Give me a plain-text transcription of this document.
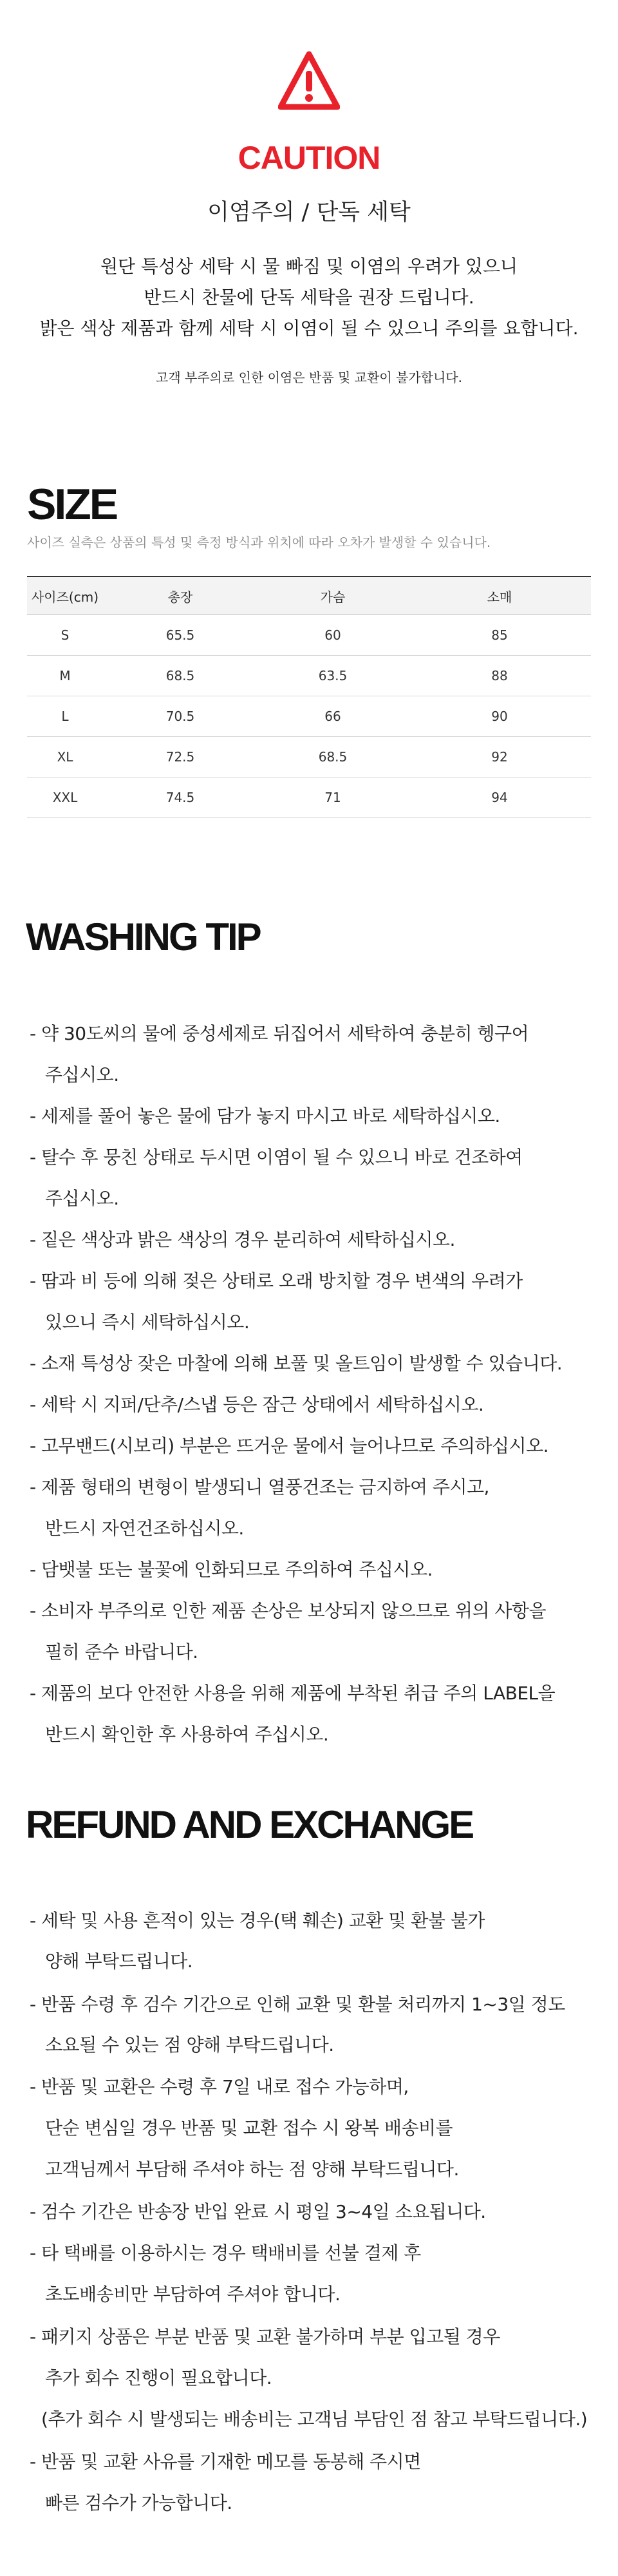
CAUTION
이염주의 / 단독 세탁
원단 특성상 세탁 시 물 빠짐 및 이염의 우려가 있으니
반드시 찬물에 단독 세탁을 권장 드립니다.
밝은 색상 제품과 함께 세탁 시 이염이 될 수 있으니 주의를 요합니다.
고객 부주의로 인한 이염은 반품 및 교환이 불가합니다.
SIZE
사이즈 실측은 상품의 특성 및 측정 방식과 위치에 따라 오차가 발생할 수 있습니다.
사이즈(cm)	총장	가슴	소매
S	65.5	60	85
M	68.5	63.5	88
L	70.5	66	90
XL	72.5	68.5	92
XXL	74.5	71	94
WASHING TIP
- 약 30도씨의 물에 중성세제로 뒤집어서 세탁하여 충분히 헹구어
주십시오.
- 세제를 풀어 놓은 물에 담가 놓지 마시고 바로 세탁하십시오.
- 탈수 후 뭉친 상태로 두시면 이염이 될 수 있으니 바로 건조하여
주십시오.
- 짙은 색상과 밝은 색상의 경우 분리하여 세탁하십시오.
- 땀과 비 등에 의해 젖은 상태로 오래 방치할 경우 변색의 우려가
있으니 즉시 세탁하십시오.
- 소재 특성상 잦은 마찰에 의해 보풀 및 올트임이 발생할 수 있습니다.
- 세탁 시 지퍼/단추/스냅 등은 잠근 상태에서 세탁하십시오.
- 고무밴드(시보리) 부분은 뜨거운 물에서 늘어나므로 주의하십시오.
- 제품 형태의 변형이 발생되니 열풍건조는 금지하여 주시고,
반드시 자연건조하십시오.
- 담뱃불 또는 불꽃에 인화되므로 주의하여 주십시오.
- 소비자 부주의로 인한 제품 손상은 보상되지 않으므로 위의 사항을
필히 준수 바랍니다.
- 제품의 보다 안전한 사용을 위해 제품에 부착된 취급 주의 LABEL을
반드시 확인한 후 사용하여 주십시오.
REFUND AND EXCHANGE
- 세탁 및 사용 흔적이 있는 경우(택 훼손) 교환 및 환불 불가
양해 부탁드립니다.
- 반품 수령 후 검수 기간으로 인해 교환 및 환불 처리까지 1~3일 정도
소요될 수 있는 점 양해 부탁드립니다.
- 반품 및 교환은 수령 후 7일 내로 접수 가능하며,
단순 변심일 경우 반품 및 교환 접수 시 왕복 배송비를
고객님께서 부담해 주셔야 하는 점 양해 부탁드립니다.
- 검수 기간은 반송장 반입 완료 시 평일 3~4일 소요됩니다.
- 타 택배를 이용하시는 경우 택배비를 선불 결제 후
초도배송비만 부담하여 주셔야 합니다.
- 패키지 상품은 부분 반품 및 교환 불가하며 부분 입고될 경우
추가 회수 진행이 필요합니다.
(추가 회수 시 발생되는 배송비는 고객님 부담인 점 참고 부탁드립니다.)
- 반품 및 교환 사유를 기재한 메모를 동봉해 주시면
빠른 검수가 가능합니다.
